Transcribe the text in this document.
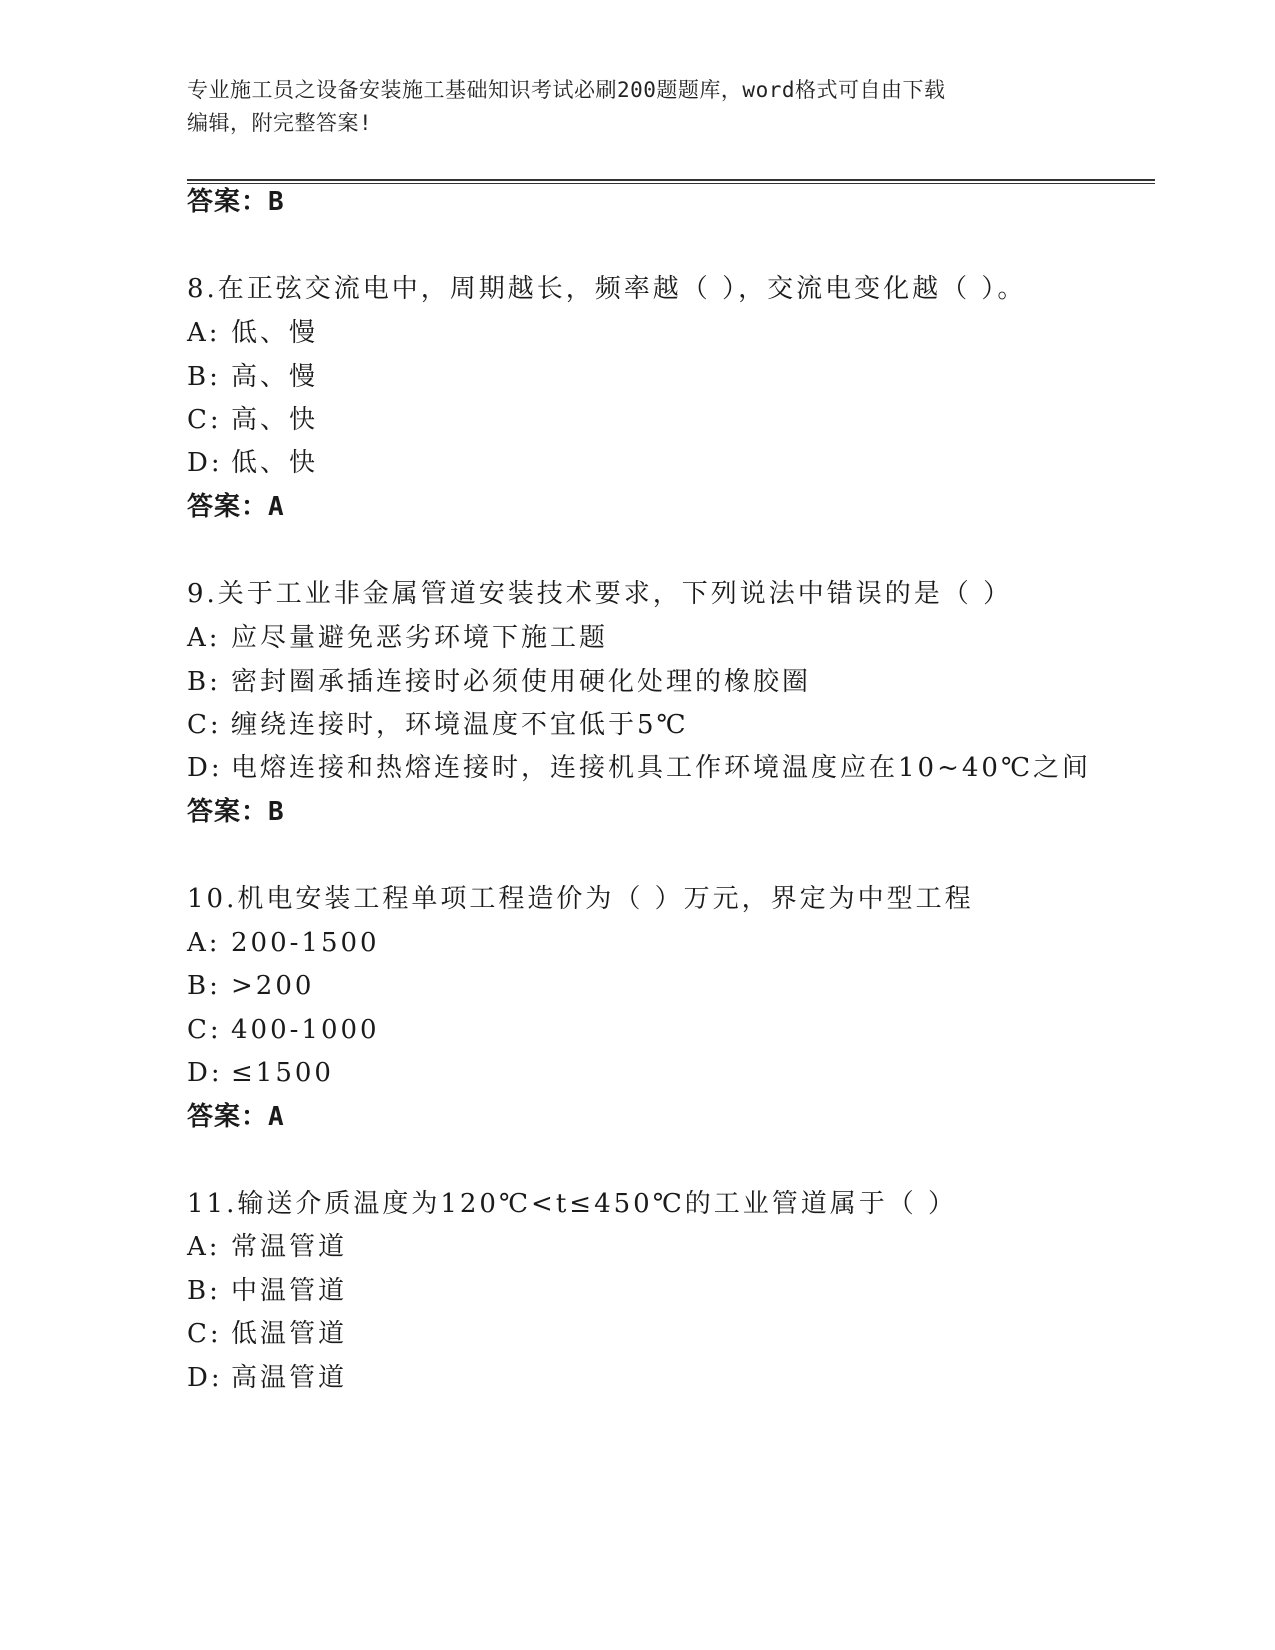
专业施工员之设备安装施工基础知识考试必刷200题题库，word格式可自由下载
编辑，附完整答案!
答案：B
8.在正弦交流电中，周期越长，频率越（ ），交流电变化越（ ）。
A: 低、慢
B: 高、慢
C: 高、快
D: 低、快
答案：A
9.关于工业非金属管道安装技术要求，下列说法中错误的是（ ）
A: 应尽量避免恶劣环境下施工题
B: 密封圈承插连接时必须使用硬化处理的橡胶圈
C: 缠绕连接时，环境温度不宜低于5℃
D: 电熔连接和热熔连接时，连接机具工作环境温度应在10~40℃之间
答案：B
10.机电安装工程单项工程造价为（ ）万元，界定为中型工程
A: 200-1500
B: >200
C: 400-1000
D: ≤1500
答案：A
11.输送介质温度为120℃<t≤450℃的工业管道属于（ ）
A: 常温管道
B: 中温管道
C: 低温管道
D: 高温管道
